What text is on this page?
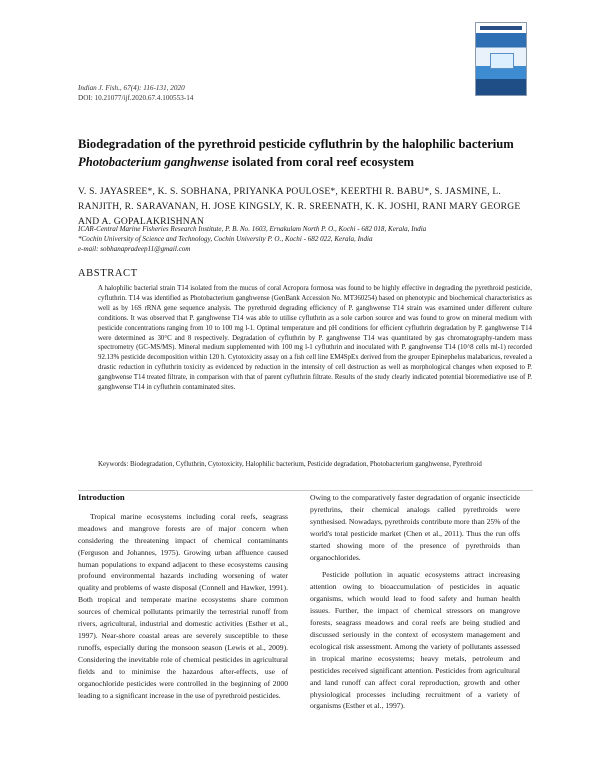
Indian J. Fish., 67(4): 116-131, 2020
DOI: 10.21077/ijf.2020.67.4.100553-14
Biodegradation of the pyrethroid pesticide cyfluthrin by the halophilic bacterium Photobacterium ganghwense isolated from coral reef ecosystem
V. S. JAYASREE*, K. S. SOBHANA, PRIYANKA POULOSE*, KEERTHI R. BABU*, S. JASMINE, L. RANJITH, R. SARAVANAN, H. JOSE KINGSLY, K. R. SREENATH, K. K. JOSHI, RANI MARY GEORGE AND A. GOPALAKRISHNAN
ICAR-Central Marine Fisheries Research Institute, P. B. No. 1603, Ernakulam North P. O., Kochi - 682 018, Kerala, India
*Cochin University of Science and Technology, Cochin University P. O., Kochi - 682 022, Kerala, India
e-mail: sobhanapradeep11@gmail.com
ABSTRACT
A halophilic bacterial strain T14 isolated from the mucus of coral Acropora formosa was found to be highly effective in degrading the pyrethroid pesticide, cyfluthrin. T14 was identified as Photobacterium ganghwense (GenBank Accession No. MT360254) based on phenotypic and biochemical characteristics as well as by 16S rRNA gene sequence analysis. The pyrethroid degrading efficiency of P. ganghwense T14 strain was examined under different culture conditions. It was observed that P. ganghwense T14 was able to utilise cyfluthrin as a sole carbon source and was found to grow on mineral medium with pesticide concentrations ranging from 10 to 100 mg l-1. Optimal temperature and pH conditions for efficient cyfluthrin degradation by P. ganghwense T14 were determined as 30°C and 8 respectively. Degradation of cyfluthrin by P. ganghwense T14 was quantitated by gas chromatography-tandem mass spectrometry (GC-MS/MS). Mineral medium supplemented with 100 mg l-1 cyfluthrin and inoculated with P. ganghwense T14 (10^8 cells ml-1) recorded 92.13% pesticide decomposition within 120 h. Cytotoxicity assay on a fish cell line EM4SpEx derived from the grouper Epinephelus malabaricus, revealed a drastic reduction in cyfluthrin toxicity as evidenced by reduction in the intensity of cell destruction as well as morphological changes when exposed to P. ganghwense T14 treated filtrate, in comparison with that of parent cyfluthrin filtrate. Results of the study clearly indicated potential bioremediative use of P. ganghwense T14 in cyfluthrin contaminated sites.
Keywords: Biodegradation, Cyfluthrin, Cytotoxicity, Halophilic bacterium, Pesticide degradation, Photobacterium ganghwense, Pyrethroid
Introduction

Tropical marine ecosystems including coral reefs, seagrass meadows and mangrove forests are of major concern when considering the threatening impact of chemical contaminants (Ferguson and Johannes, 1975). Growing urban affluence caused human populations to expand adjacent to these ecosystems causing profound environmental hazards including worsening of water quality and problems of waste disposal (Connell and Hawker, 1991). Both tropical and temperate marine ecosystems share common sources of chemical pollutants primarily the terrestrial runoff from rivers, agricultural, industrial and domestic activities (Esther et al., 1997). Near-shore coastal areas are severely susceptible to these runoffs, especially during the monsoon season (Lewis et al., 2009). Considering the inevitable role of chemical pesticides in agricultural fields and to minimise the hazardous after-effects, use of organochloride pesticides were controlled in the beginning of 2000 leading to a significant increase in the use of pyrethroid pesticides.

Owing to the comparatively faster degradation of organic insecticide pyrethrins, their chemical analogs called pyrethroids were synthesised. Nowadays, pyrethroids contribute more than 25% of the world's total pesticide market (Chen et al., 2011). Thus the run offs started showing more of the presence of pyrethroids than organochlorides.

Pesticide pollution in aquatic ecosystems attract increasing attention owing to bioaccumulation of pesticides in aquatic organisms, which would lead to food safety and human health issues. Further, the impact of chemical stressors on mangrove forests, seagrass meadows and coral reefs are being studied and discussed seriously in the context of ecosystem management and ecological risk assessment. Among the variety of pollutants assessed in tropical marine ecosystems; heavy metals, petroleum and pesticides received significant attention. Pesticides from agricultural and land runoff can affect coral reproduction, growth and other physiological processes including recruitment of a variety of organisms (Esther et al., 1997).
